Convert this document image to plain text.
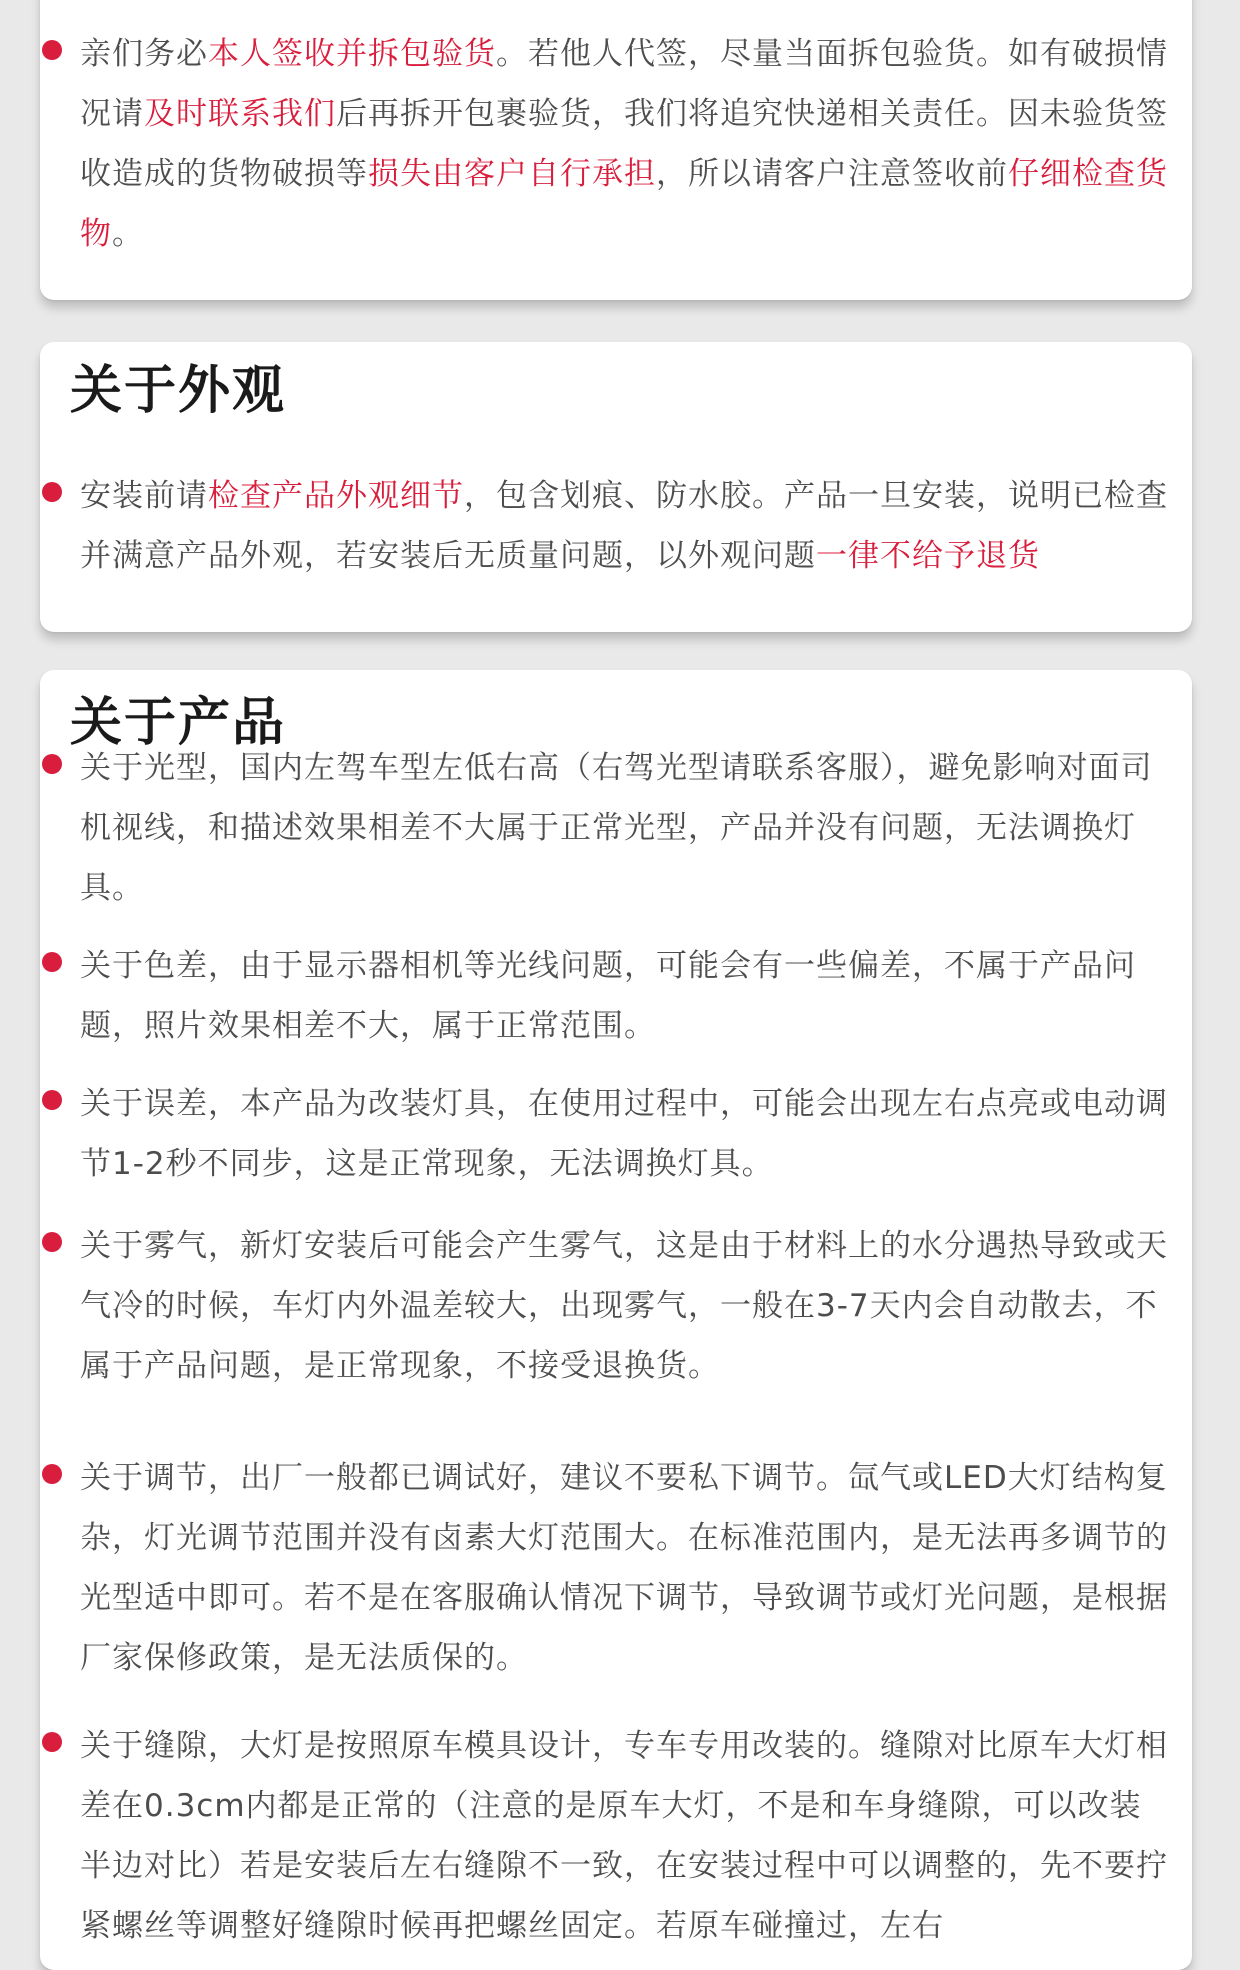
亲们务必本人签收并拆包验货。若他人代签，尽量当面拆包验货。如有破损情况请及时联系我们后再拆开包裹验货，我们将追究快递相关责任。因未验货签收造成的货物破损等损失由客户自行承担，所以请客户注意签收前仔细检查货物。
关于外观
安装前请检查产品外观细节，包含划痕、防水胶。产品一旦安装，说明已检查并满意产品外观，若安装后无质量问题，以外观问题一律不给予退货
关于产品
关于光型，国内左驾车型左低右高（右驾光型请联系客服），避免影响对面司机视线，和描述效果相差不大属于正常光型，产品并没有问题，无法调换灯具。
关于色差，由于显示器相机等光线问题，可能会有一些偏差，不属于产品问题，照片效果相差不大，属于正常范围。
关于误差，本产品为改装灯具，在使用过程中，可能会出现左右点亮或电动调节1-2秒不同步，这是正常现象，无法调换灯具。
关于雾气，新灯安装后可能会产生雾气，这是由于材料上的水分遇热导致或天气冷的时候，车灯内外温差较大，出现雾气，一般在3-7天内会自动散去，不属于产品问题，是正常现象，不接受退换货。
关于调节，出厂一般都已调试好，建议不要私下调节。氙气或LED大灯结构复杂，灯光调节范围并没有卤素大灯范围大。在标准范围内，是无法再多调节的光型适中即可。若不是在客服确认情况下调节，导致调节或灯光问题，是根据厂家保修政策，是无法质保的。
关于缝隙，大灯是按照原车模具设计，专车专用改装的。缝隙对比原车大灯相差在0.3cm内都是正常的（注意的是原车大灯，不是和车身缝隙，可以改装半边对比）若是安装后左右缝隙不一致，在安装过程中可以调整的，先不要拧紧螺丝等调整好缝隙时候再把螺丝固定。若原车碰撞过，左右
